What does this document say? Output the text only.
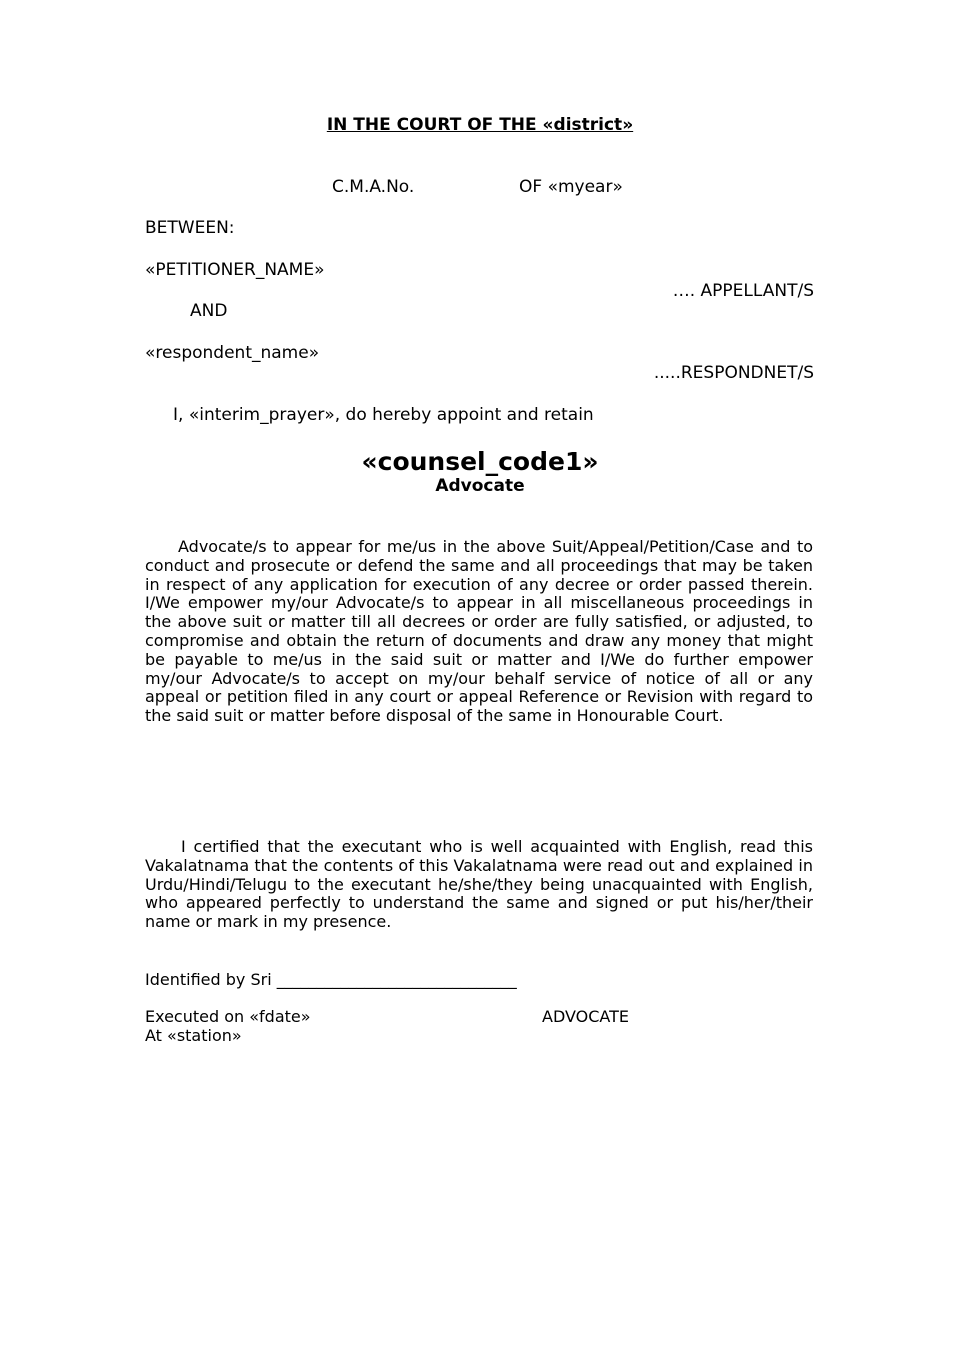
IN THE COURT OF THE «district»
C.M.A.No.	OF «myear»
BETWEEN:
«PETITIONER_NAME»
…. APPELLANT/S
AND
«respondent_name»
.....RESPONDNET/S
I, «interim_prayer», do hereby appoint and retain
«counsel_code1»
Advocate
Advocate/s to appear for me/us in the above Suit/Appeal/Petition/Case and to conduct and prosecute or defend the same and all proceedings that may be taken in respect of any application for execution of any decree or order passed therein. I/We empower my/our Advocate/s to appear in all miscellaneous proceedings in the above suit or matter till all decrees or order are fully satisfied, or adjusted, to compromise and obtain the return of documents and draw any money that might be payable to me/us in the said suit or matter and I/We do further empower my/our Advocate/s to accept on my/our behalf service of notice of all or any appeal or petition filed in any court or appeal Reference or Revision with regard to the said suit or matter before disposal of the same in Honourable Court.
I certified that the executant who is well acquainted with English, read this Vakalatnama that the contents of this Vakalatnama were read out and explained in Urdu/Hindi/Telugu to the executant he/she/they being unacquainted with English, who appeared perfectly to understand the same and signed or put his/her/their name or mark in my presence.
Identified by Sri ______________________________
Executed on «fdate»	ADVOCATE
At «station»
